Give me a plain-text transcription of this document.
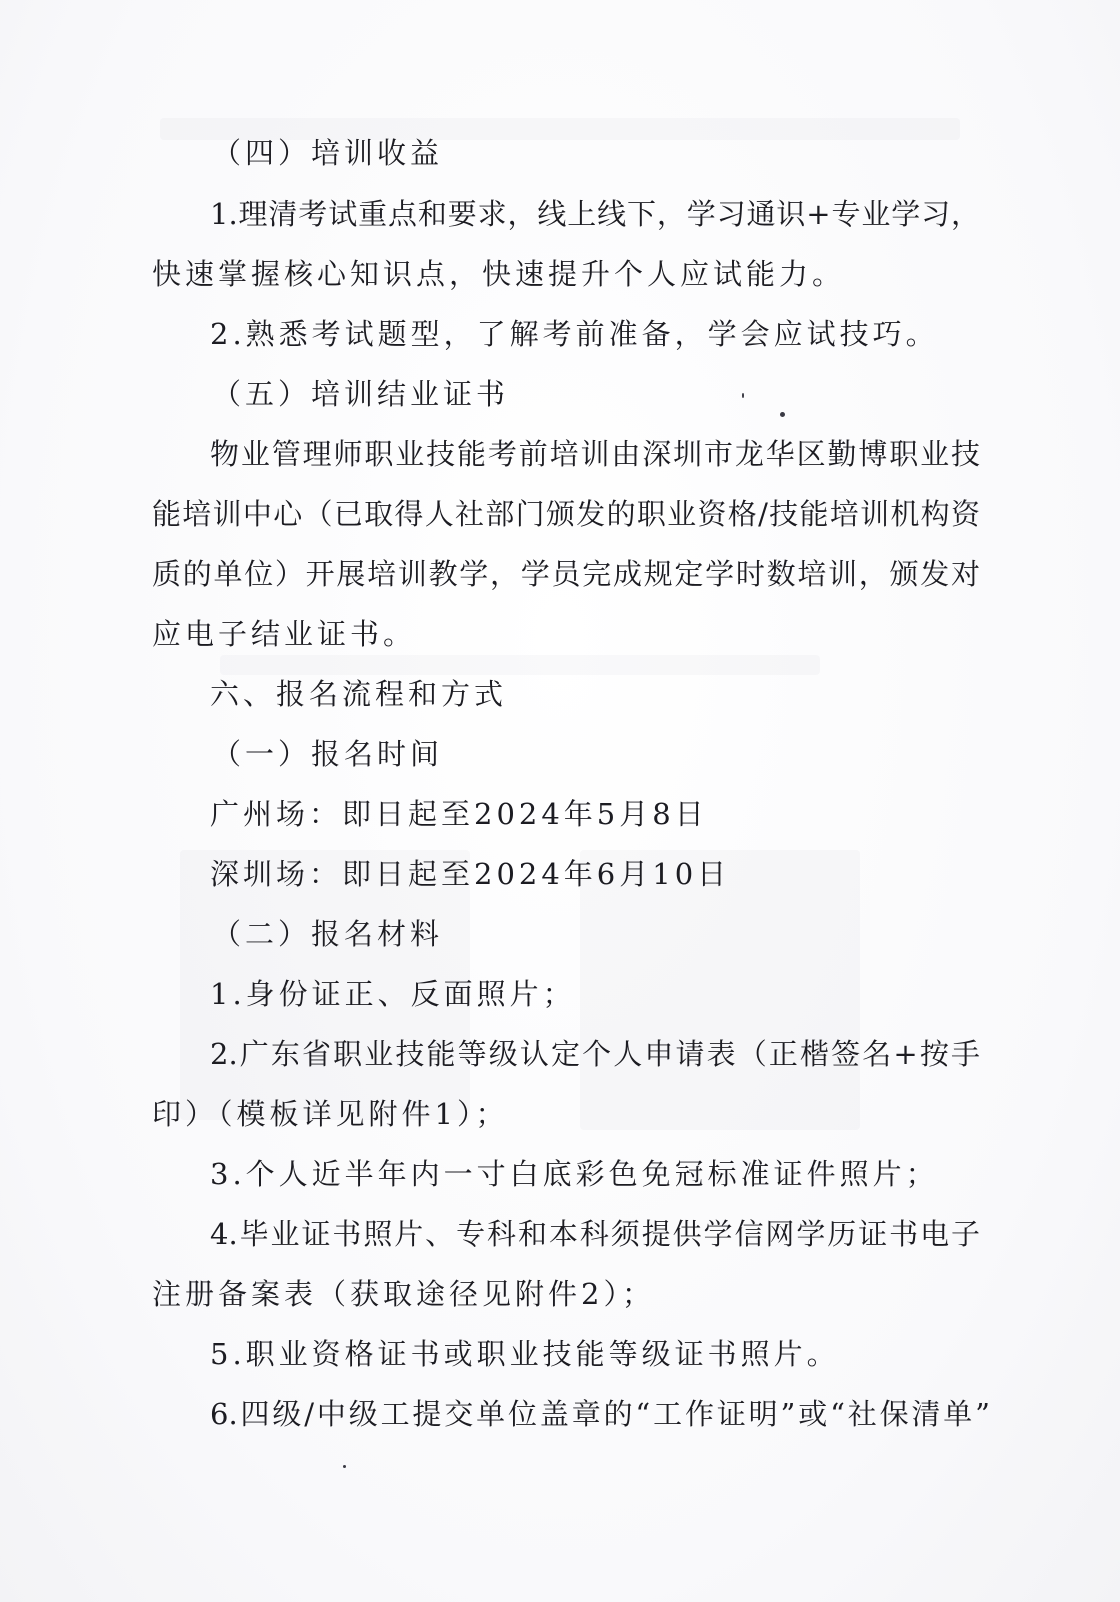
（四）培训收益
1.理清考试重点和要求，线上线下，学习通识+专业学习，
快速掌握核心知识点，快速提升个人应试能力。
2.熟悉考试题型，了解考前准备，学会应试技巧。
（五）培训结业证书
物业管理师职业技能考前培训由深圳市龙华区勤博职业技
能培训中心（已取得人社部门颁发的职业资格/技能培训机构资
质的单位）开展培训教学，学员完成规定学时数培训，颁发对
应电子结业证书。
六、报名流程和方式
（一）报名时间
广州场：即日起至2024年5月8日
深圳场：即日起至2024年6月10日
（二）报名材料
1.身份证正、反面照片；
2.广东省职业技能等级认定个人申请表（正楷签名+按手
印）（模板详见附件1）；
3.个人近半年内一寸白底彩色免冠标准证件照片；
4.毕业证书照片、专科和本科须提供学信网学历证书电子
注册备案表（获取途径见附件2）；
5.职业资格证书或职业技能等级证书照片。
6.四级/中级工提交单位盖章的“工作证明”或“社保清单”
